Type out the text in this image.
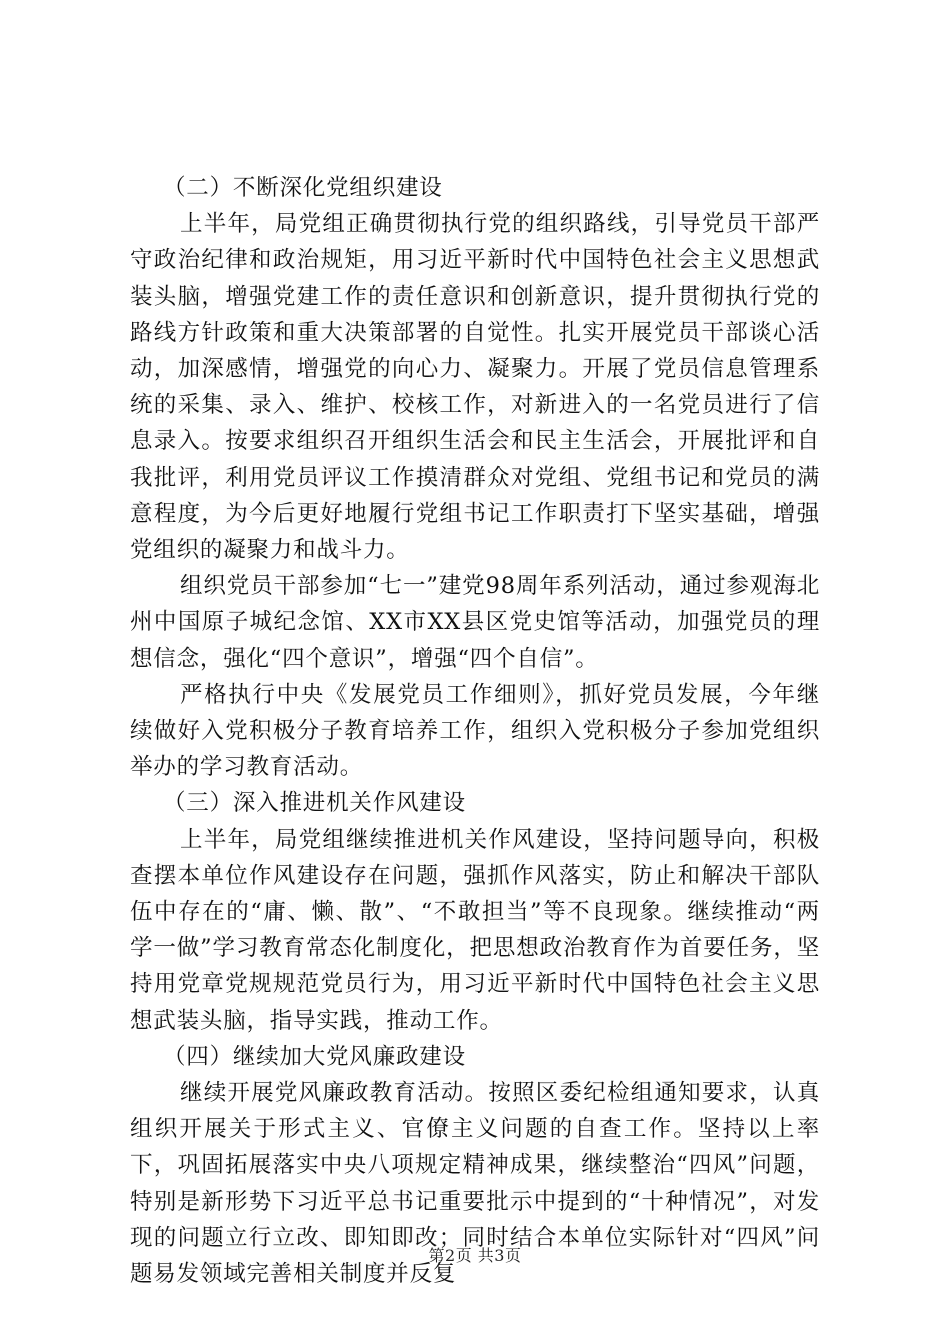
（二）不断深化党组织建设

上半年，局党组正确贯彻执行党的组织路线，引导党员干部严守政治纪律和政治规矩，用习近平新时代中国特色社会主义思想武装头脑，增强党建工作的责任意识和创新意识，提升贯彻执行党的路线方针政策和重大决策部署的自觉性。扎实开展党员干部谈心活动，加深感情，增强党的向心力、凝聚力。开展了党员信息管理系统的采集、录入、维护、校核工作，对新进入的一名党员进行了信息录入。按要求组织召开组织生活会和民主生活会，开展批评和自我批评，利用党员评议工作摸清群众对党组、党组书记和党员的满意程度，为今后更好地履行党组书记工作职责打下坚实基础，增强党组织的凝聚力和战斗力。

组织党员干部参加“七一”建党98周年系列活动，通过参观海北州中国原子城纪念馆、XX市XX县区党史馆等活动，加强党员的理想信念，强化“四个意识”，增强“四个自信”。

严格执行中央《发展党员工作细则》，抓好党员发展，今年继续做好入党积极分子教育培养工作，组织入党积极分子参加党组织举办的学习教育活动。

（三）深入推进机关作风建设

上半年，局党组继续推进机关作风建设，坚持问题导向，积极查摆本单位作风建设存在问题，强抓作风落实，防止和解决干部队伍中存在的“庸、懒、散”、“不敢担当”等不良现象。继续推动“两学一做”学习教育常态化制度化，把思想政治教育作为首要任务，坚持用党章党规规范党员行为，用习近平新时代中国特色社会主义思想武装头脑，指导实践，推动工作。

（四）继续加大党风廉政建设

继续开展党风廉政教育活动。按照区委纪检组通知要求，认真组织开展关于形式主义、官僚主义问题的自查工作。坚持以上率下，巩固拓展落实中央八项规定精神成果，继续整治“四风”问题，特别是新形势下习近平总书记重要批示中提到的“十种情况”，对发现的问题立行立改、即知即改；同时结合本单位实际针对“四风”问题易发领域完善相关制度并反复

第2页 共3页
